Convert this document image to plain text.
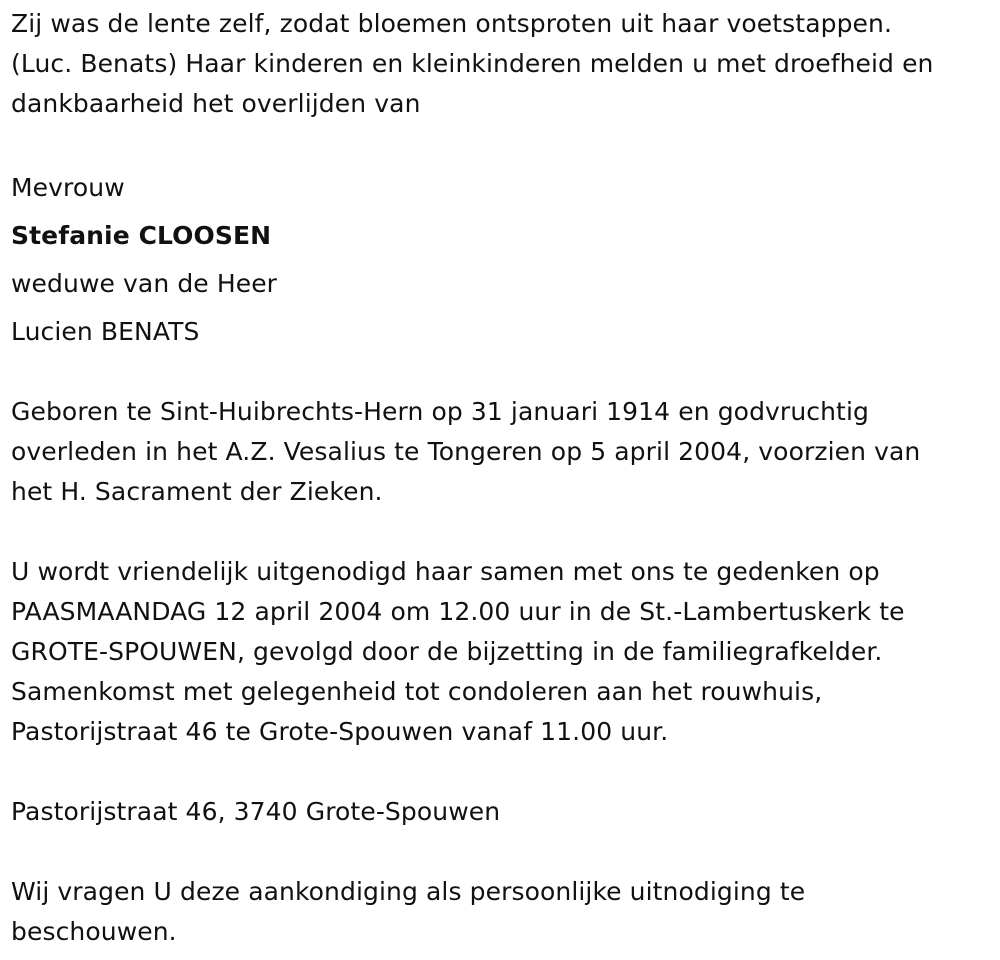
Zij was de lente zelf, zodat bloemen ontsproten uit haar voetstappen.

(Luc. Benats) Haar kinderen en kleinkinderen melden u met droefheid en

dankbaarheid het overlijden van

Mevrouw

Stefanie CLOOSEN

weduwe van de Heer

Lucien BENATS

Geboren te Sint-Huibrechts-Hern op 31 januari 1914 en godvruchtig

overleden in het A.Z. Vesalius te Tongeren op 5 april 2004, voorzien van

het H. Sacrament der Zieken.

U wordt vriendelijk uitgenodigd haar samen met ons te gedenken op

PAASMAANDAG 12 april 2004 om 12.00 uur in de St.-Lambertuskerk te

GROTE-SPOUWEN, gevolgd door de bijzetting in de familiegrafkelder.

Samenkomst met gelegenheid tot condoleren aan het rouwhuis,

Pastorijstraat 46 te Grote-Spouwen vanaf 11.00 uur.

Pastorijstraat 46, 3740 Grote-Spouwen

Wij vragen U deze aankondiging als persoonlijke uitnodiging te

beschouwen.
